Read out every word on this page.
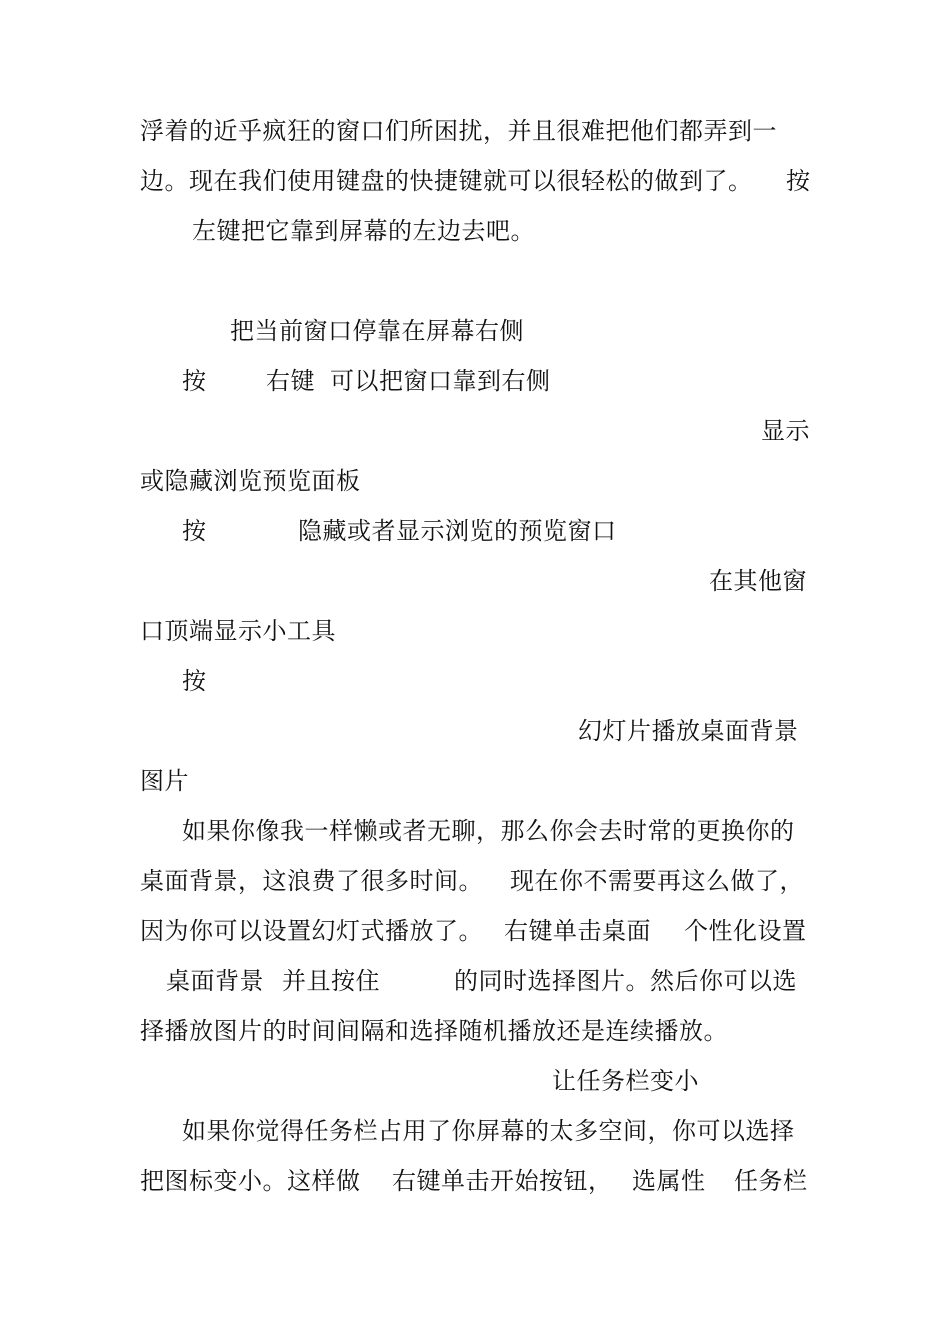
浮着的近乎疯狂的窗口们所困扰，并且很难把他们都弄到一
边。现在我们使用键盘的快捷键就可以很轻松的做到了。 按
左键把它靠到屏幕的左边去吧。
把当前窗口停靠在屏幕右侧
按 右键 可以把窗口靠到右侧
显示
或隐藏浏览预览面板
按	隐藏或者显示浏览的预览窗口
在其他窗
口顶端显示小工具
按
幻灯片播放桌面背景
图片
如果你像我一样懒或者无聊，那么你会去时常的更换你的
桌面背景，这浪费了很多时间。 现在你不需要再这么做了，
因为你可以设置幻灯式播放了。 右键单击桌面 个性化设置
桌面背景 并且按住	的同时选择图片。然后你可以选
择播放图片的时间间隔和选择随机播放还是连续播放。
让任务栏变小
如果你觉得任务栏占用了你屏幕的太多空间，你可以选择
把图标变小。这样做 右键单击开始按钮， 选属性 任务栏
